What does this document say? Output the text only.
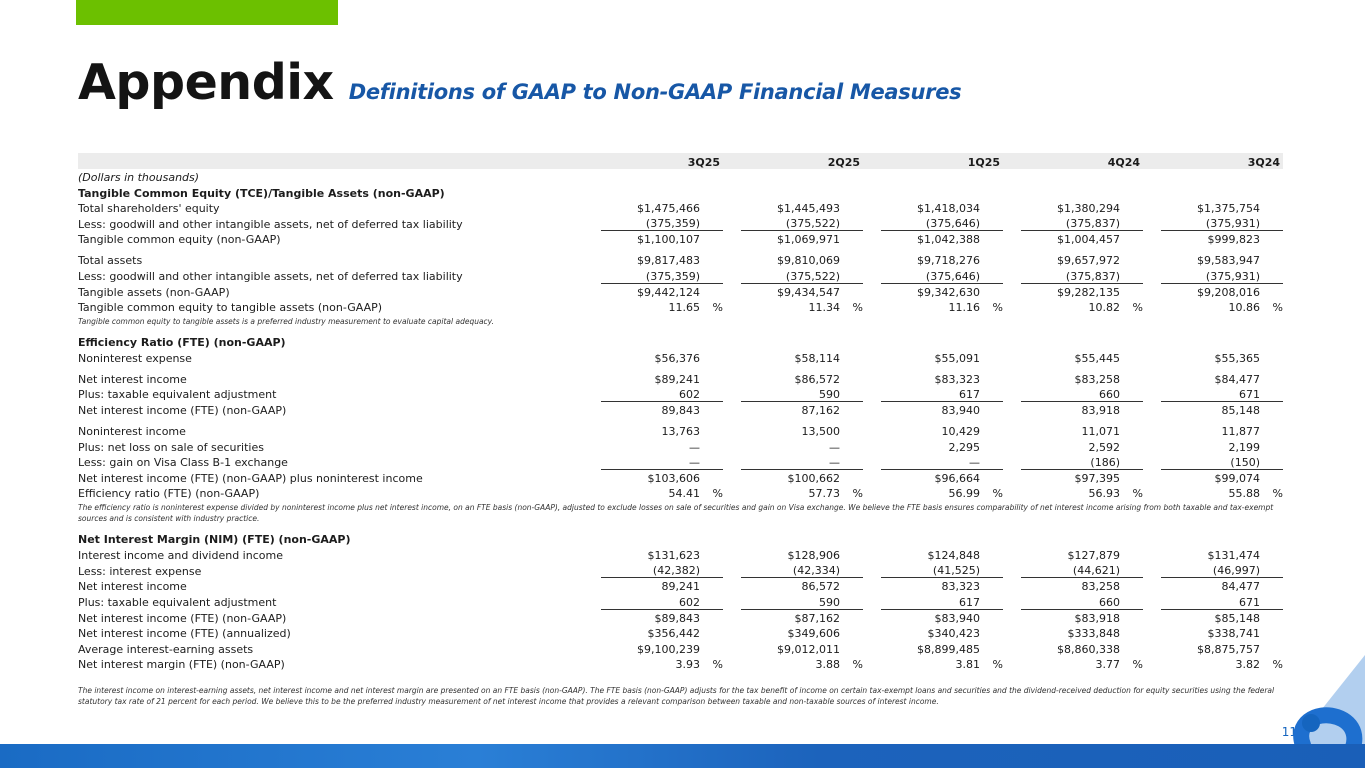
Appendix Definitions of GAAP to Non-GAAP Financial Measures
	3Q25			2Q25			1Q25			4Q24			3Q24	
(Dollars in thousands)														
Tangible Common Equity (TCE)/Tangible Assets (non-GAAP)														
Total shareholders' equity	$1,475,466			$1,445,493			$1,418,034			$1,380,294			$1,375,754	
Less: goodwill and other intangible assets, net of deferred tax liability	(375,359)			(375,522)			(375,646)			(375,837)			(375,931)	
Tangible common equity (non-GAAP)	$1,100,107			$1,069,971			$1,042,388			$1,004,457			$999,823	
Total assets	$9,817,483			$9,810,069			$9,718,276			$9,657,972			$9,583,947	
Less: goodwill and other intangible assets, net of deferred tax liability	(375,359)			(375,522)			(375,646)			(375,837)			(375,931)	
Tangible assets (non-GAAP)	$9,442,124			$9,434,547			$9,342,630			$9,282,135			$9,208,016	
Tangible common equity to tangible assets (non-GAAP)	11.65	%		11.34	%		11.16	%		10.82	%		10.86	%
Tangible common equity to tangible assets is a preferred industry measurement to evaluate capital adequacy.														
Efficiency Ratio (FTE) (non-GAAP)														
Noninterest expense	$56,376			$58,114			$55,091			$55,445			$55,365	
Net interest income	$89,241			$86,572			$83,323			$83,258			$84,477	
Plus: taxable equivalent adjustment	602			590			617			660			671	
Net interest income (FTE) (non-GAAP)	89,843			87,162			83,940			83,918			85,148	
Noninterest income	13,763			13,500			10,429			11,071			11,877	
Plus: net loss on sale of securities	—			—			2,295			2,592			2,199	
Less: gain on Visa Class B-1 exchange	—			—			—			(186)			(150)	
Net interest income (FTE) (non-GAAP) plus noninterest income	$103,606			$100,662			$96,664			$97,395			$99,074	
Efficiency ratio (FTE) (non-GAAP)	54.41	%		57.73	%		56.99	%		56.93	%		55.88	%
The efficiency ratio is noninterest expense divided by noninterest income plus net interest income, on an FTE basis (non-GAAP), adjusted to exclude losses on sale of securities and gain on Visa exchange. We believe the FTE basis ensures comparability of net interest income arising from both taxable and tax-exempt sources and is consistent with industry practice.														
Net Interest Margin (NIM) (FTE) (non-GAAP)														
Interest income and dividend income	$131,623			$128,906			$124,848			$127,879			$131,474	
Less: interest expense	(42,382)			(42,334)			(41,525)			(44,621)			(46,997)	
Net interest income	89,241			86,572			83,323			83,258			84,477	
Plus: taxable equivalent adjustment	602			590			617			660			671	
Net interest income (FTE) (non-GAAP)	$89,843			$87,162			$83,940			$83,918			$85,148	
Net interest income (FTE) (annualized)	$356,442			$349,606			$340,423			$333,848			$338,741	
Average interest-earning assets	$9,100,239			$9,012,011			$8,899,485			$8,860,338			$8,875,757	
Net interest margin (FTE) (non-GAAP)	3.93	%		3.88	%		3.81	%		3.77	%		3.82	%
The interest income on interest-earning assets, net interest income and net interest margin are presented on an FTE basis (non-GAAP). The FTE basis (non-GAAP) adjusts for the tax benefit of income on certain tax-exempt loans and securities and the dividend-received deduction for equity securities using the federal statutory tax rate of 21 percent for each period. We believe this to be the preferred industry measurement of net interest income that provides a relevant comparison between taxable and non-taxable sources of interest income.														
11
